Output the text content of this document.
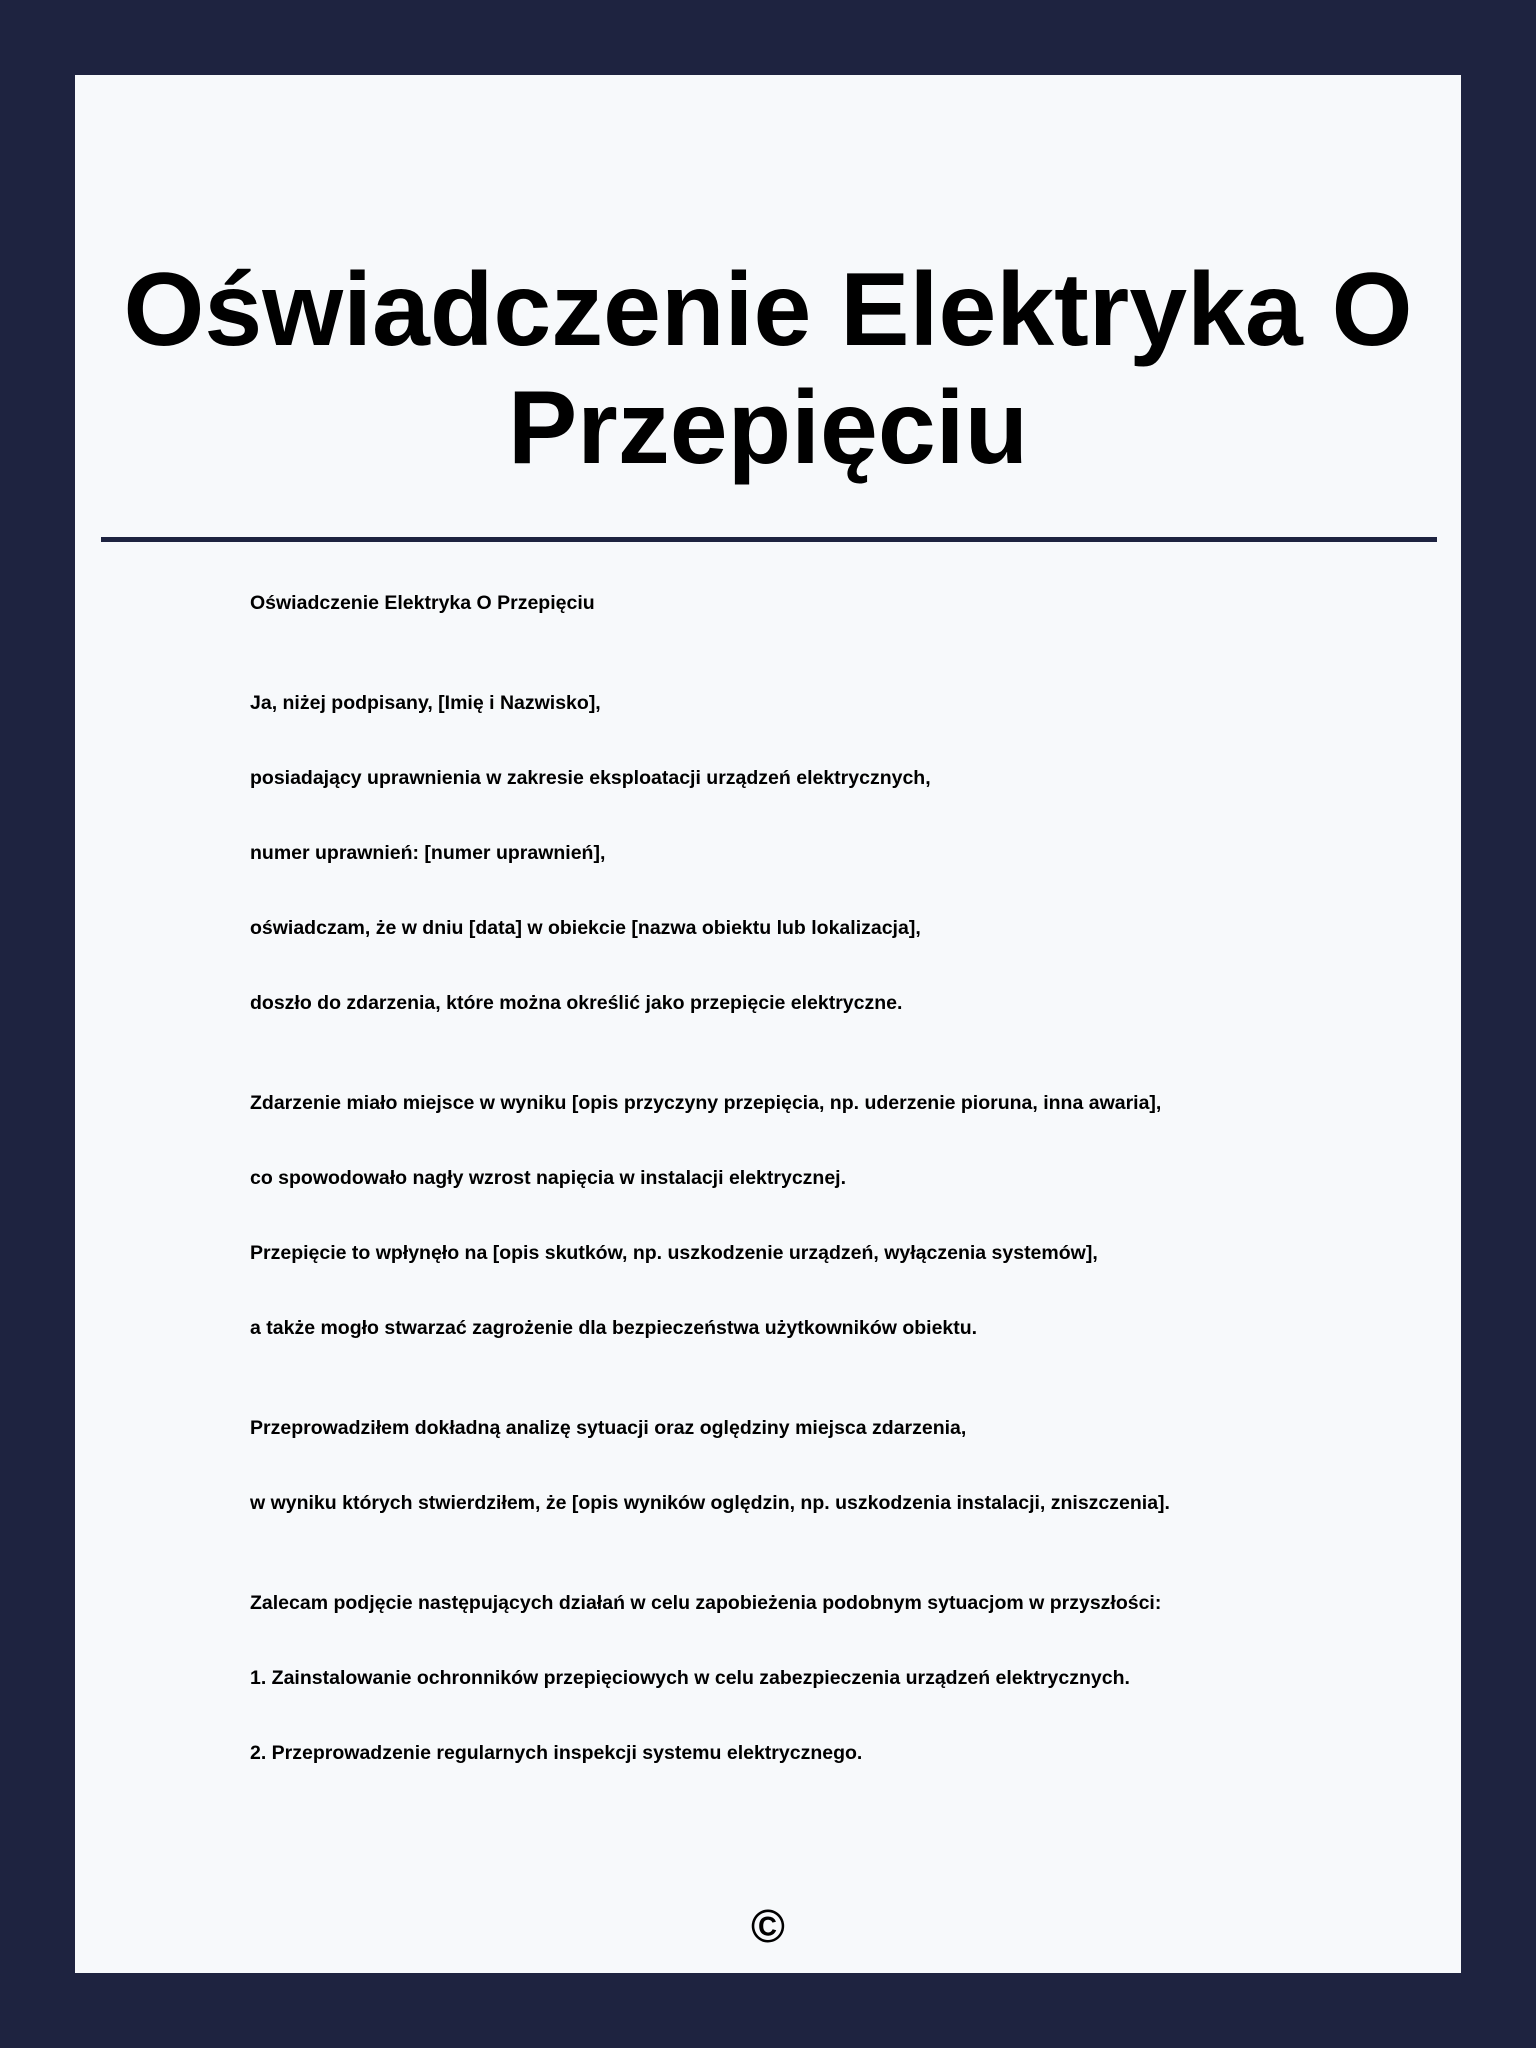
Oświadczenie Elektryka O Przepięciu
Oświadczenie Elektryka O Przepięciu
Ja, niżej podpisany, [Imię i Nazwisko],
posiadający uprawnienia w zakresie eksploatacji urządzeń elektrycznych,
numer uprawnień: [numer uprawnień],
oświadczam, że w dniu [data] w obiekcie [nazwa obiektu lub lokalizacja],
doszło do zdarzenia, które można określić jako przepięcie elektryczne.
Zdarzenie miało miejsce w wyniku [opis przyczyny przepięcia, np. uderzenie pioruna, inna awaria],
co spowodowało nagły wzrost napięcia w instalacji elektrycznej.
Przepięcie to wpłynęło na [opis skutków, np. uszkodzenie urządzeń, wyłączenia systemów],
a także mogło stwarzać zagrożenie dla bezpieczeństwa użytkowników obiektu.
Przeprowadziłem dokładną analizę sytuacji oraz oględziny miejsca zdarzenia,
w wyniku których stwierdziłem, że [opis wyników oględzin, np. uszkodzenia instalacji, zniszczenia].
Zalecam podjęcie następujących działań w celu zapobieżenia podobnym sytuacjom w przyszłości:
1. Zainstalowanie ochronników przepięciowych w celu zabezpieczenia urządzeń elektrycznych.
2. Przeprowadzenie regularnych inspekcji systemu elektrycznego.
©
